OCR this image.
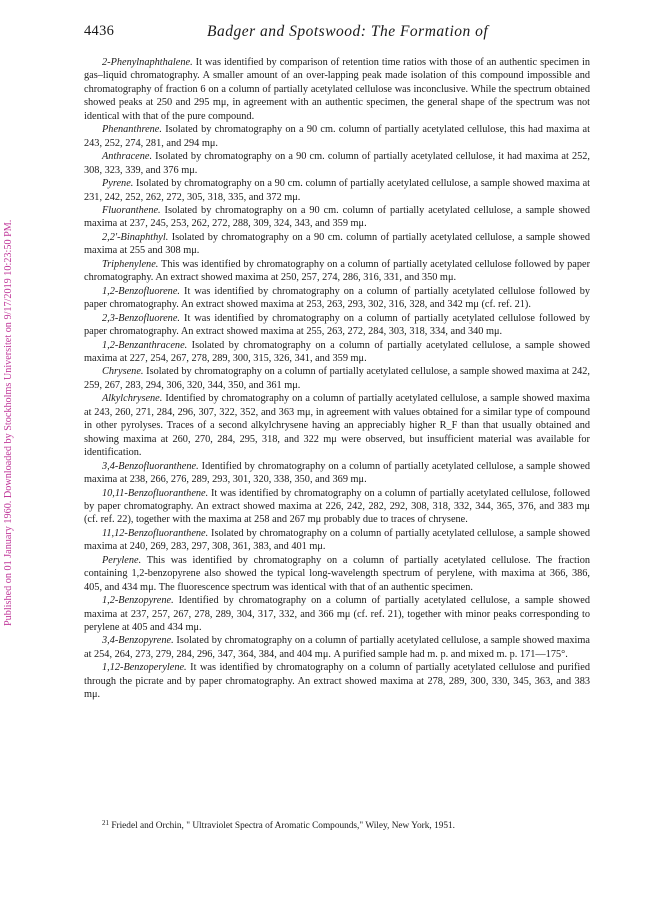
Published on 01 January 1960. Downloaded by Stockholms Universitet on 9/17/2019 10:23:50 PM.
4436	Badger and Spotswood: The Formation of

2-Phenylnaphthalene. It was identified by comparison of retention time ratios with those of an authentic specimen in gas–liquid chromatography. A smaller amount of an over-lapping peak made isolation of this compound impossible and chromatography of fraction 6 on a column of partially acetylated cellulose was inconclusive. While the spectrum obtained showed peaks at 250 and 295 mμ, in agreement with an authentic specimen, the general shape of the spectrum was not identical with that of the pure compound.

Phenanthrene. Isolated by chromatography on a 90 cm. column of partially acetylated cellulose, this had maxima at 243, 252, 274, 281, and 294 mμ.

Anthracene. Isolated by chromatography on a 90 cm. column of partially acetylated cellulose, it had maxima at 252, 308, 323, 339, and 376 mμ.

Pyrene. Isolated by chromatography on a 90 cm. column of partially acetylated cellulose, a sample showed maxima at 231, 242, 252, 262, 272, 305, 318, 335, and 372 mμ.

Fluoranthene. Isolated by chromatography on a 90 cm. column of partially acetylated cellulose, a sample showed maxima at 237, 245, 253, 262, 272, 288, 309, 324, 343, and 359 mμ.

2,2′-Binaphthyl. Isolated by chromatography on a 90 cm. column of partially acetylated cellulose, a sample showed maxima at 255 and 308 mμ.

Triphenylene. This was identified by chromatography on a column of partially acetylated cellulose followed by paper chromatography. An extract showed maxima at 250, 257, 274, 286, 316, 331, and 350 mμ.

1,2-Benzofluorene. It was identified by chromatography on a column of partially acetylated cellulose followed by paper chromatography. An extract showed maxima at 253, 263, 293, 302, 316, 328, and 342 mμ (cf. ref. 21).

2,3-Benzofluorene. It was identified by chromatography on a column of partially acetylated cellulose followed by paper chromatography. An extract showed maxima at 255, 263, 272, 284, 303, 318, 334, and 340 mμ.

1,2-Benzanthracene. Isolated by chromatography on a column of partially acetylated cellulose, a sample showed maxima at 227, 254, 267, 278, 289, 300, 315, 326, 341, and 359 mμ.

Chrysene. Isolated by chromatography on a column of partially acetylated cellulose, a sample showed maxima at 242, 259, 267, 283, 294, 306, 320, 344, 350, and 361 mμ.

Alkylchrysene. Identified by chromatography on a column of partially acetylated cellulose, a sample showed maxima at 243, 260, 271, 284, 296, 307, 322, 352, and 363 mμ, in agreement with values obtained for a similar type of compound in other pyrolyses. Traces of a second alkylchrysene having an appreciably higher R_F than that usually obtained and showing maxima at 260, 270, 284, 295, 318, and 322 mμ were observed, but insufficient material was available for identification.

3,4-Benzofluoranthene. Identified by chromatography on a column of partially acetylated cellulose, a sample showed maxima at 238, 266, 276, 289, 293, 301, 320, 338, 350, and 369 mμ.

10,11-Benzofluoranthene. It was identified by chromatography on a column of partially acetylated cellulose, followed by paper chromatography. An extract showed maxima at 226, 242, 282, 292, 308, 318, 332, 344, 365, 376, and 383 mμ (cf. ref. 22), together with the maxima at 258 and 267 mμ probably due to traces of chrysene.

11,12-Benzofluoranthene. Isolated by chromatography on a column of partially acetylated cellulose, a sample showed maxima at 240, 269, 283, 297, 308, 361, 383, and 401 mμ.

Perylene. This was identified by chromatography on a column of partially acetylated cellulose. The fraction containing 1,2-benzopyrene also showed the typical long-wavelength spectrum of perylene, with maxima at 366, 386, 405, and 434 mμ. The fluorescence spectrum was identical with that of an authentic specimen.

1,2-Benzopyrene. Identified by chromatography on a column of partially acetylated cellulose, a sample showed maxima at 237, 257, 267, 278, 289, 304, 317, 332, and 366 mμ (cf. ref. 21), together with minor peaks corresponding to perylene at 405 and 434 mμ.

3,4-Benzopyrene. Isolated by chromatography on a column of partially acetylated cellulose, a sample showed maxima at 254, 264, 273, 279, 284, 296, 347, 364, 384, and 404 mμ. A purified sample had m. p. and mixed m. p. 171—175°.

1,12-Benzoperylene. It was identified by chromatography on a column of partially acetylated cellulose and purified through the picrate and by paper chromatography. An extract showed maxima at 278, 289, 300, 330, 345, 363, and 383 mμ.

$^{21}$ Friedel and Orchin, " Ultraviolet Spectra of Aromatic Compounds," Wiley, New York, 1951.
